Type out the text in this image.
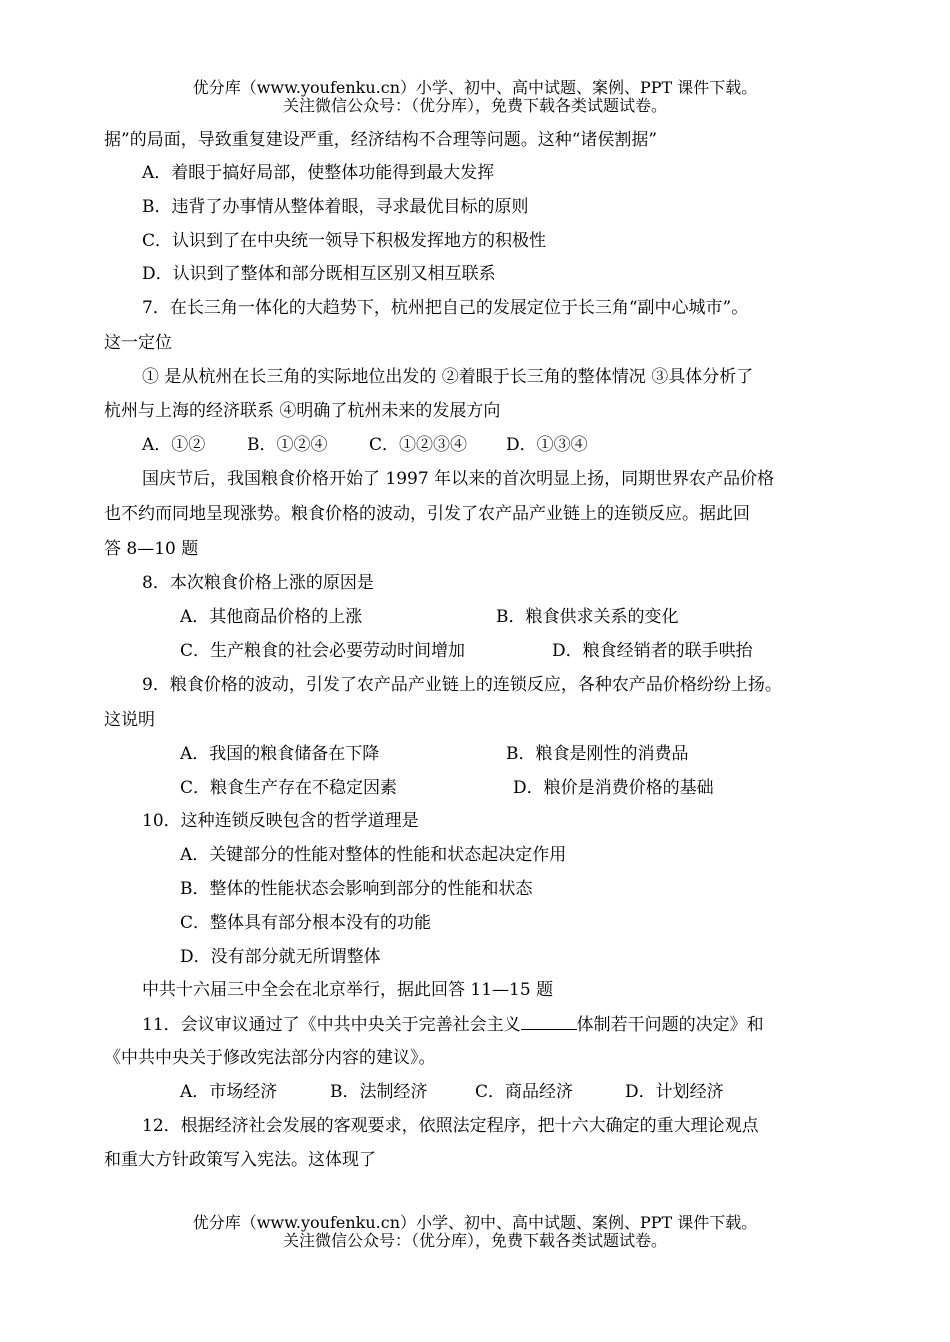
优分库（www.youfenku.cn）小学、初中、高中试题、案例、PPT 课件下载。
关注微信公众号：（优分库），免费下载各类试题试卷。
据”的局面，导致重复建设严重，经济结构不合理等问题。这种“诸侯割据”
A．着眼于搞好局部，使整体功能得到最大发挥
B．违背了办事情从整体着眼，寻求最优目标的原则
C．认识到了在中央统一领导下积极发挥地方的积极性
D．认识到了整体和部分既相互区别又相互联系
7．在长三角一体化的大趋势下，杭州把自己的发展定位于长三角“副中心城市”。
这一定位
① 是从杭州在长三角的实际地位出发的 ②着眼于长三角的整体情况 ③具体分析了
杭州与上海的经济联系 ④明确了杭州未来的发展方向
A．①② B．①②④ C．①②③④ D．①③④
国庆节后，我国粮食价格开始了 1997 年以来的首次明显上扬，同期世界农产品价格
也不约而同地呈现涨势。粮食价格的波动，引发了农产品产业链上的连锁反应。据此回
答 8—10 题
8．本次粮食价格上涨的原因是
A．其他商品价格的上涨	B．粮食供求关系的变化
C．生产粮食的社会必要劳动时间增加	D．粮食经销者的联手哄抬
9．粮食价格的波动，引发了农产品产业链上的连锁反应，各种农产品价格纷纷上扬。
这说明
A．我国的粮食储备在下降	B．粮食是刚性的消费品
C．粮食生产存在不稳定因素	D．粮价是消费价格的基础
10．这种连锁反映包含的哲学道理是
A．关键部分的性能对整体的性能和状态起决定作用
B．整体的性能状态会影响到部分的性能和状态
C．整体具有部分根本没有的功能
D．没有部分就无所谓整体
中共十六届三中全会在北京举行，据此回答 11—15 题
11．会议审议通过了《中共中央关于完善社会主义	体制若干问题的决定》和
《中共中央关于修改宪法部分内容的建议》。
A．市场经济	B．法制经济	C．商品经济	D．计划经济
12．根据经济社会发展的客观要求，依照法定程序，把十六大确定的重大理论观点
和重大方针政策写入宪法。这体现了
优分库（www.youfenku.cn）小学、初中、高中试题、案例、PPT 课件下载。
关注微信公众号：（优分库），免费下载各类试题试卷。
